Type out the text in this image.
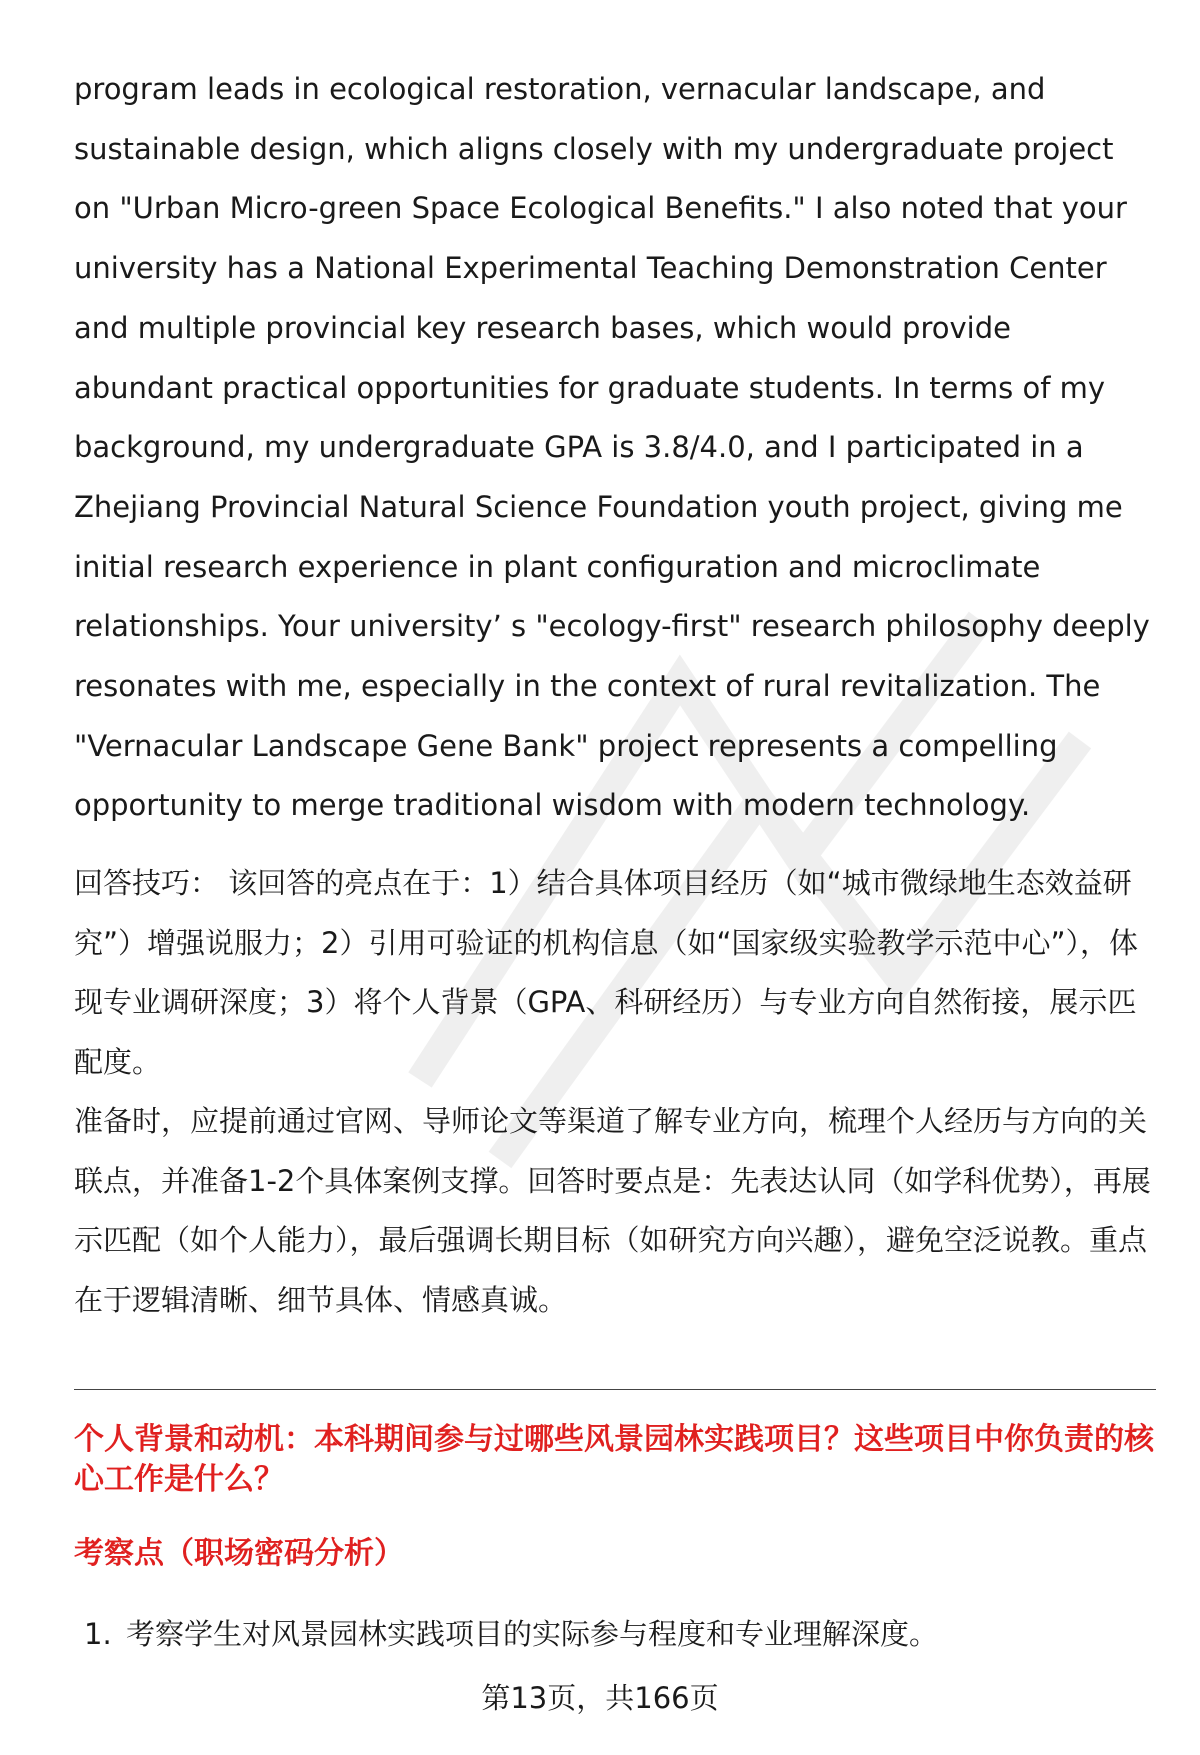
program leads in ecological restoration, vernacular landscape, and sustainable design, which aligns closely with my undergraduate project on "Urban Micro-green Space Ecological Benefits." I also noted that your university has a National Experimental Teaching Demonstration Center and multiple provincial key research bases, which would provide abundant practical opportunities for graduate students. In terms of my background, my undergraduate GPA is 3.8/4.0, and I participated in a Zhejiang Provincial Natural Science Foundation youth project, giving me initial research experience in plant configuration and microclimate relationships. Your university’ s "ecology-first" research philosophy deeply resonates with me, especially in the context of rural revitalization. The "Vernacular Landscape Gene Bank" project represents a compelling opportunity to merge traditional wisdom with modern technology.

回答技巧： 该回答的亮点在于：1）结合具体项目经历（如“城市微绿地生态效益研究”）增强说服力；2）引用可验证的机构信息（如“国家级实验教学示范中心”），体现专业调研深度；3）将个人背景（GPA、科研经历）与专业方向自然衔接，展示匹配度。

准备时，应提前通过官网、导师论文等渠道了解专业方向，梳理个人经历与方向的关联点，并准备1-2个具体案例支撑。回答时要点是：先表达认同（如学科优势），再展示匹配（如个人能力），最后强调长期目标（如研究方向兴趣），避免空泛说教。重点在于逻辑清晰、细节具体、情感真诚。

个人背景和动机：本科期间参与过哪些风景园林实践项目？这些项目中你负责的核心工作是什么？

考察点（职场密码分析）

1. 考察学生对风景园林实践项目的实际参与程度和专业理解深度。
第13页，共166页
